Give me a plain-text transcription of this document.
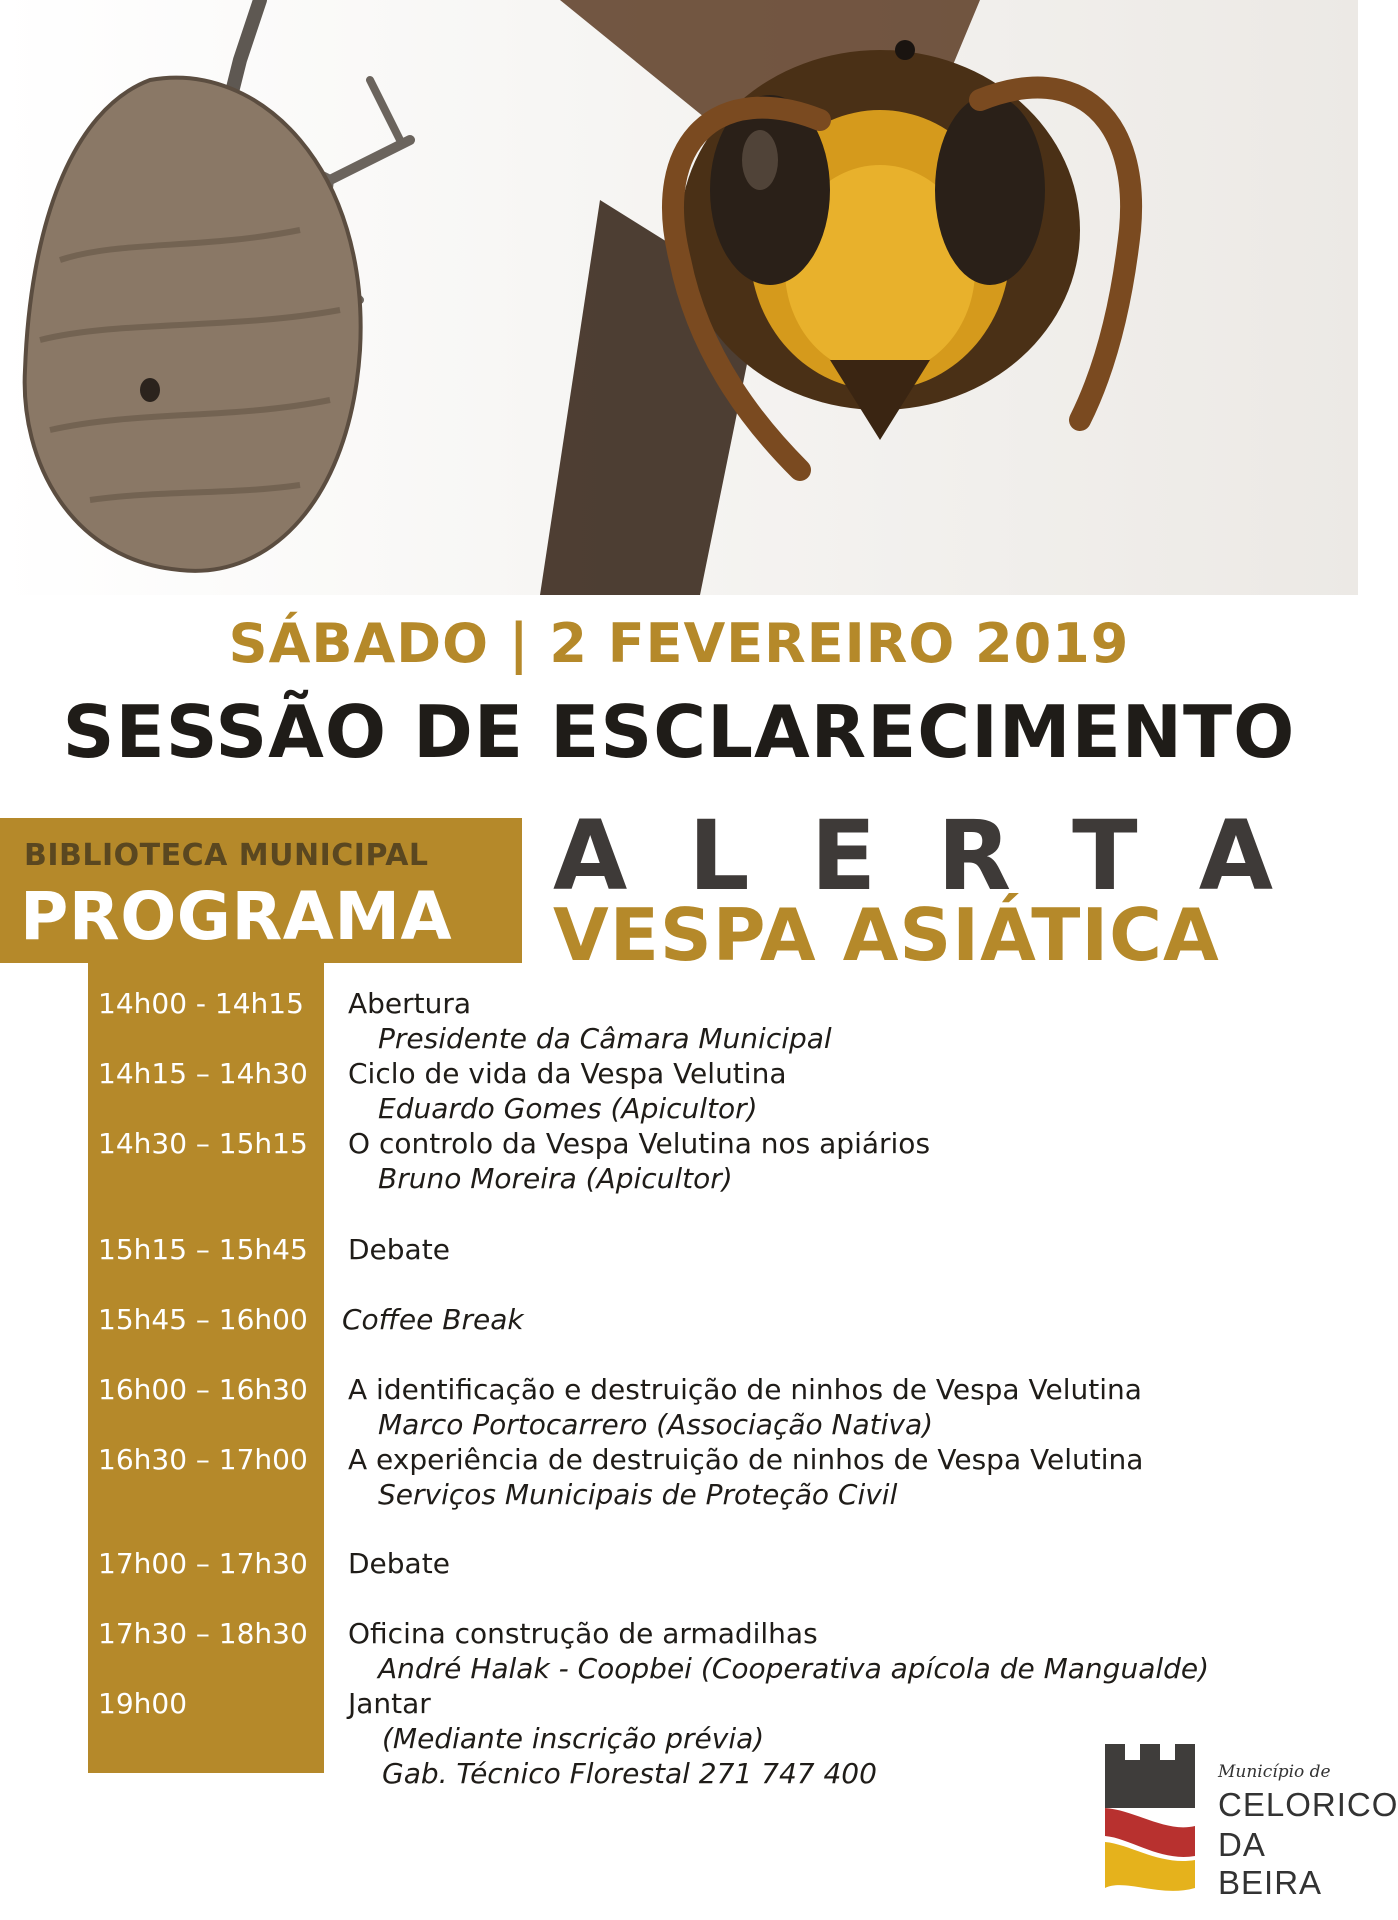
SÁBADO | 2 FEVEREIRO 2019
SESSÃO DE ESCLARECIMENTO
BIBLIOTECA MUNICIPAL
PROGRAMA
A L E R T A
VESPA ASIÁTICA
14h00 - 14h15 Abertura
Presidente da Câmara Municipal
14h15 – 14h30 Ciclo de vida da Vespa Velutina
Eduardo Gomes (Apicultor)
14h30 – 15h15 O controlo da Vespa Velutina nos apiários
Bruno Moreira (Apicultor)
15h15 – 15h45 Debate
15h45 – 16h00 Coffee Break
16h00 – 16h30 A identificação e destruição de ninhos de Vespa Velutina
Marco Portocarrero (Associação Nativa)
16h30 – 17h00 A experiência de destruição de ninhos de Vespa Velutina
Serviços Municipais de Proteção Civil
17h00 – 17h30 Debate
17h30 – 18h30 Oficina construção de armadilhas
André Halak - Coopbei (Cooperativa apícola de Mangualde)
19h00	Jantar
(Mediante inscrição prévia)
Gab. Técnico Florestal 271 747 400	Município de
CELORICO
DA BEIRA
